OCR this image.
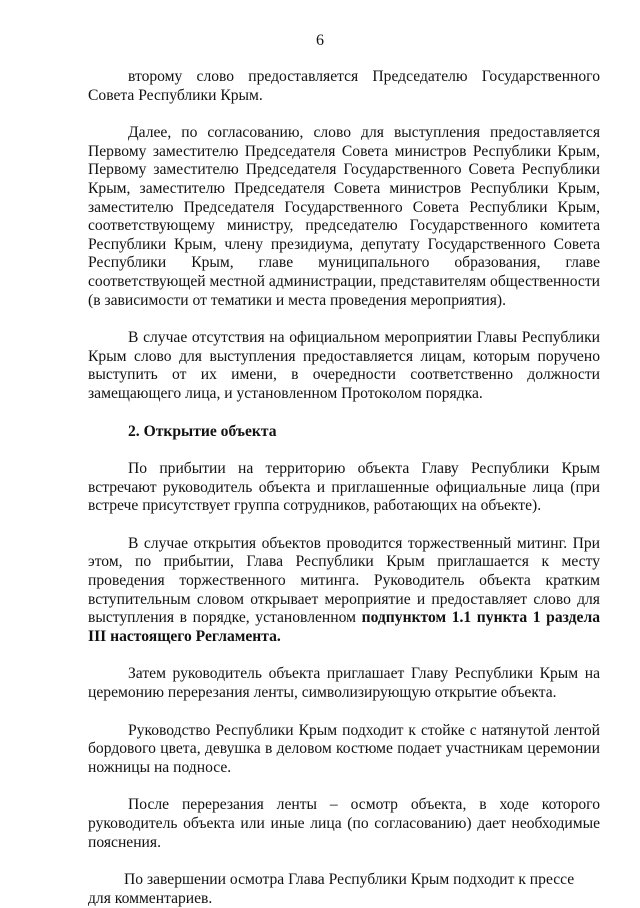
6

второму слово предоставляется Председателю Государственного Совета Республики Крым.

Далее, по согласованию, слово для выступления предоставляется Первому заместителю Председателя Совета министров Республики Крым, Первому заместителю Председателя Государственного Совета Республики Крым, заместителю Председателя Совета министров Республики Крым, заместителю Председателя Государственного Совета Республики Крым, соответствующему министру, председателю Государственного комитета Республики Крым, члену президиума, депутату Государственного Совета Республики Крым, главе муниципального образования, главе соответствующей местной администрации, представителям общественности (в зависимости от тематики и места проведения мероприятия).

В случае отсутствия на официальном мероприятии Главы Республики Крым слово для выступления предоставляется лицам, которым поручено выступить от их имени, в очередности соответственно должности замещающего лица, и установленном Протоколом порядка.

2. Открытие объекта

По прибытии на территорию объекта Главу Республики Крым встречают руководитель объекта и приглашенные официальные лица (при встрече присутствует группа сотрудников, работающих на объекте).

В случае открытия объектов проводится торжественный митинг. При этом, по прибытии, Глава Республики Крым приглашается к месту проведения торжественного митинга. Руководитель объекта кратким вступительным словом открывает мероприятие и предоставляет слово для выступления в порядке, установленном подпунктом 1.1 пункта 1 раздела III настоящего Регламента.

Затем руководитель объекта приглашает Главу Республики Крым на церемонию перерезания ленты, символизирующую открытие объекта.

Руководство Республики Крым подходит к стойке с натянутой лентой бордового цвета, девушка в деловом костюме подает участникам церемонии ножницы на подносе.

После перерезания ленты – осмотр объекта, в ходе которого руководитель объекта или иные лица (по согласованию) дает необходимые пояснения.

По завершении осмотра Глава Республики Крым подходит к прессе для комментариев.
